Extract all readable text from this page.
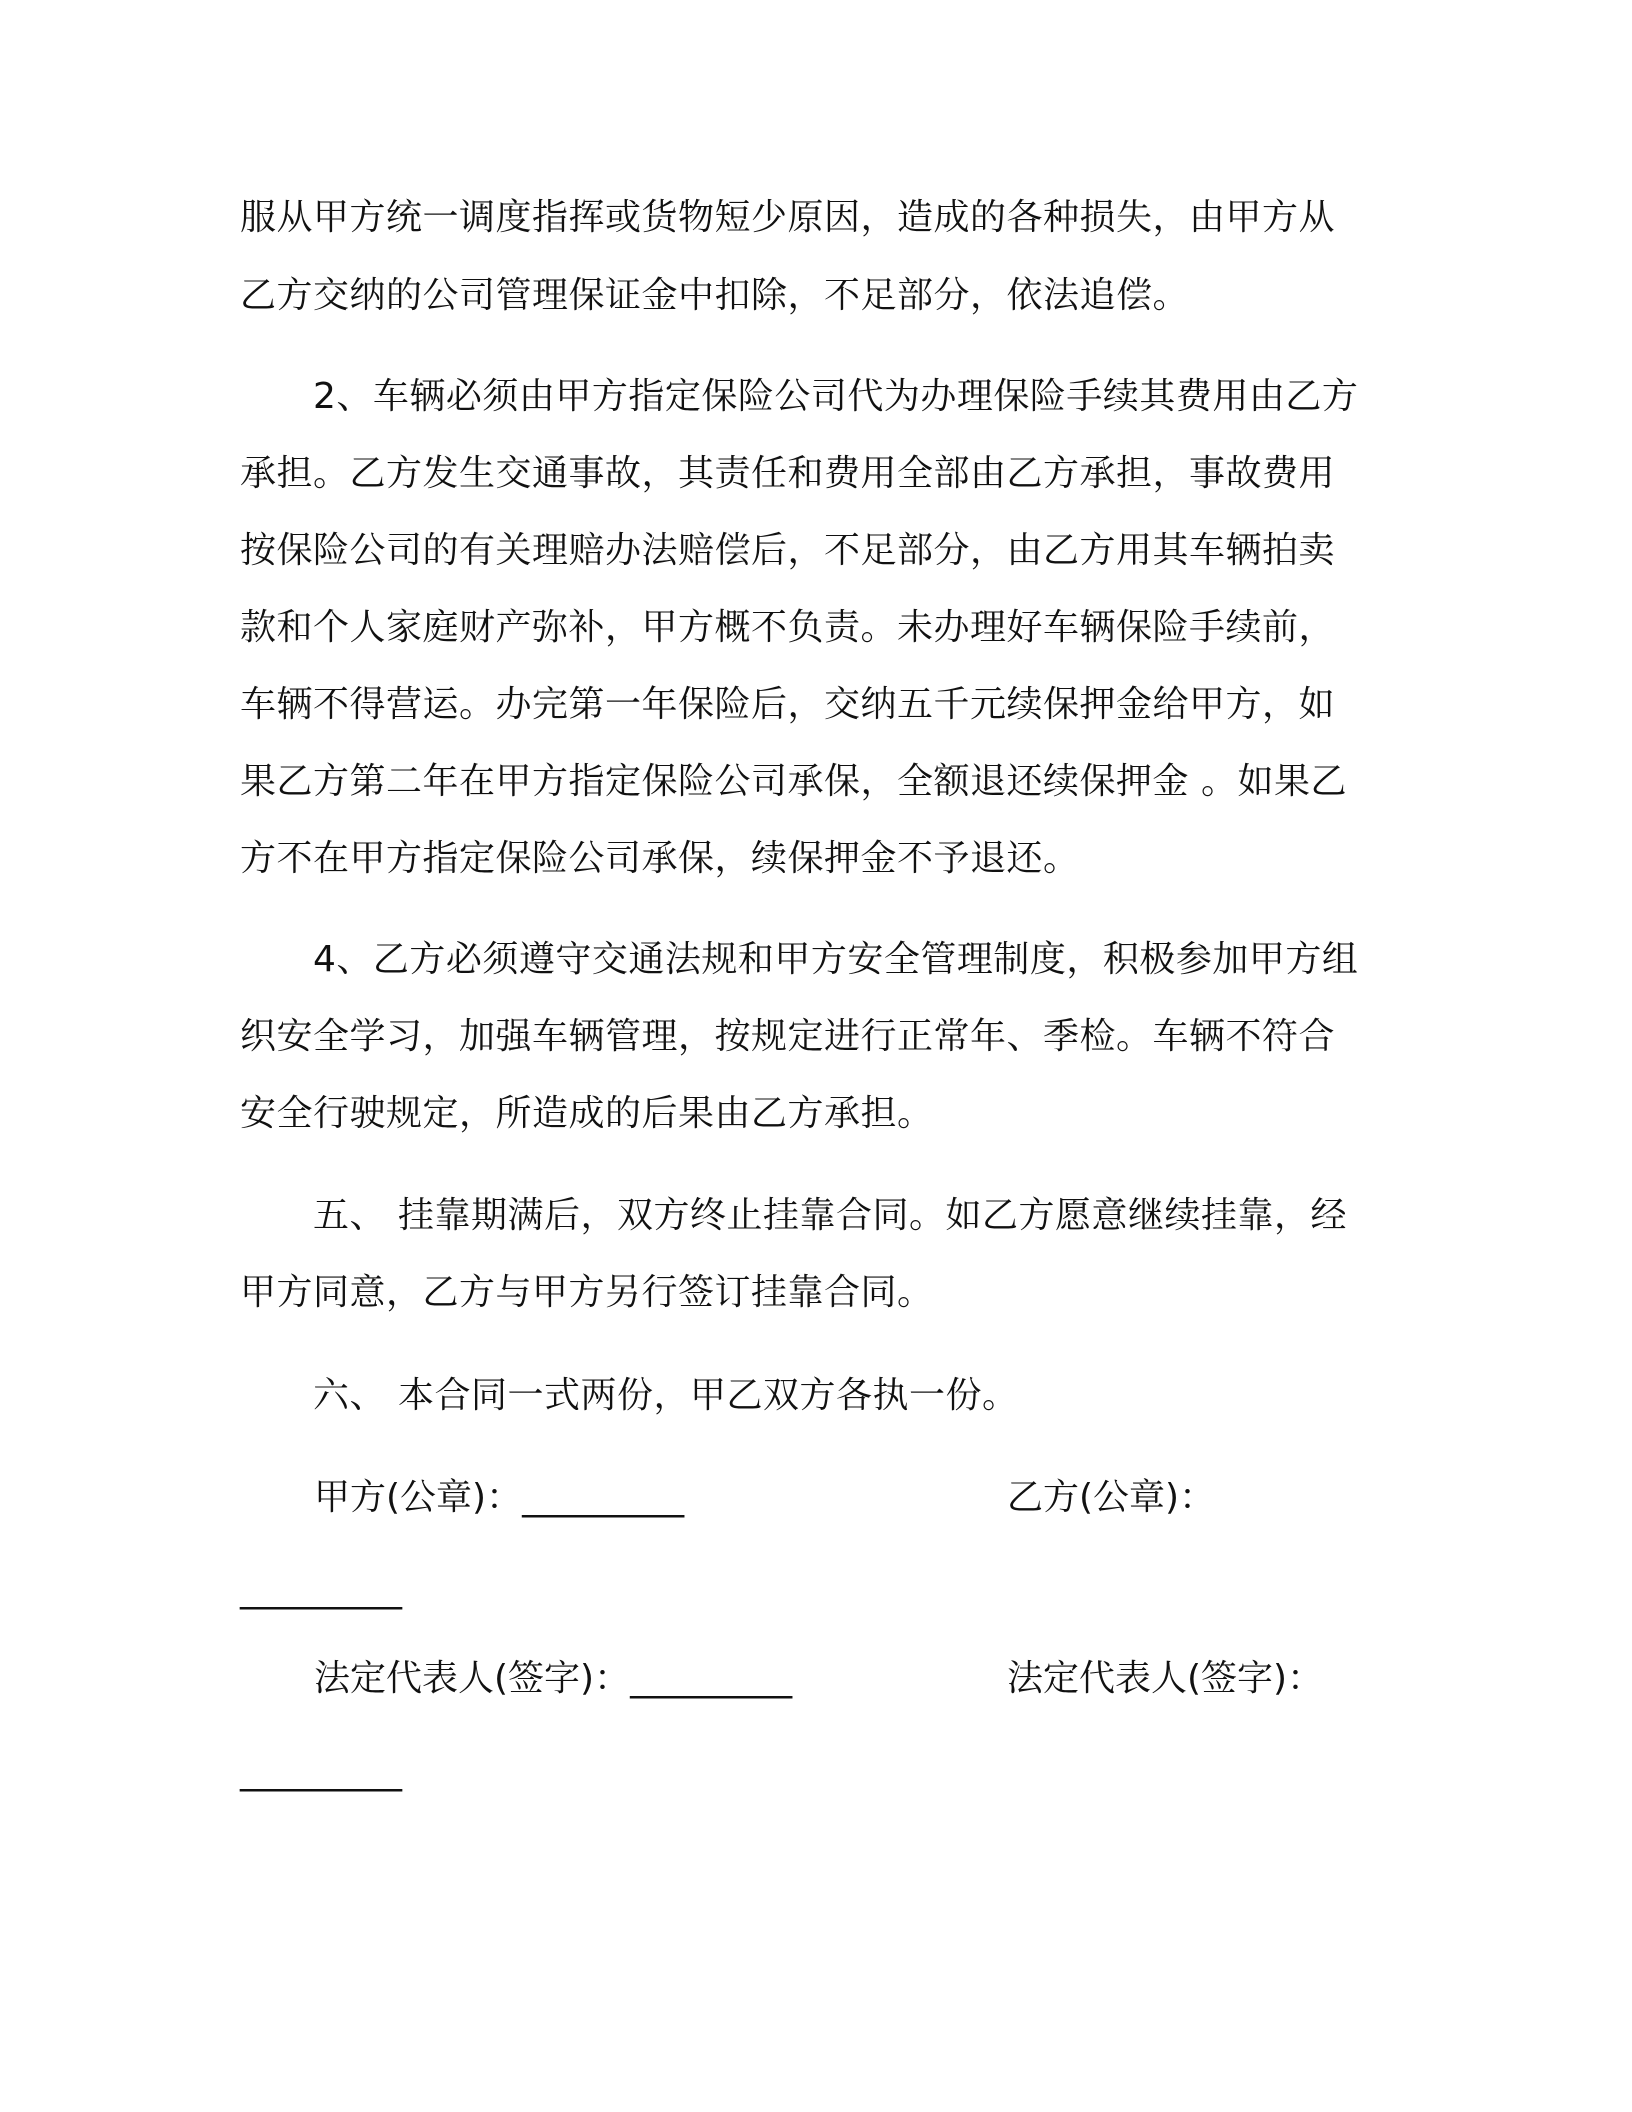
服从甲方统一调度指挥或货物短少原因，造成的各种损失，由甲方从
乙方交纳的公司管理保证金中扣除，不足部分，依法追偿。
　　2、车辆必须由甲方指定保险公司代为办理保险手续其费用由乙方
承担。乙方发生交通事故，其责任和费用全部由乙方承担，事故费用
按保险公司的有关理赔办法赔偿后，不足部分，由乙方用其车辆拍卖
款和个人家庭财产弥补，甲方概不负责。未办理好车辆保险手续前，
车辆不得营运。办完第一年保险后，交纳五千元续保押金给甲方，如
果乙方第二年在甲方指定保险公司承保，全额退还续保押金 。如果乙
方不在甲方指定保险公司承保，续保押金不予退还。
　　4、乙方必须遵守交通法规和甲方安全管理制度，积极参加甲方组
织安全学习，加强车辆管理，按规定进行正常年、季检。车辆不符合
安全行驶规定，所造成的后果由乙方承担。
　　五、 挂靠期满后，双方终止挂靠合同。如乙方愿意继续挂靠，经
甲方同意，乙方与甲方另行签订挂靠合同。
　　六、 本合同一式两份，甲乙双方各执一份。
甲方(公章)：_________	乙方(公章)：
_________
法定代表人(签字)：_________	法定代表人(签字)：
_________
